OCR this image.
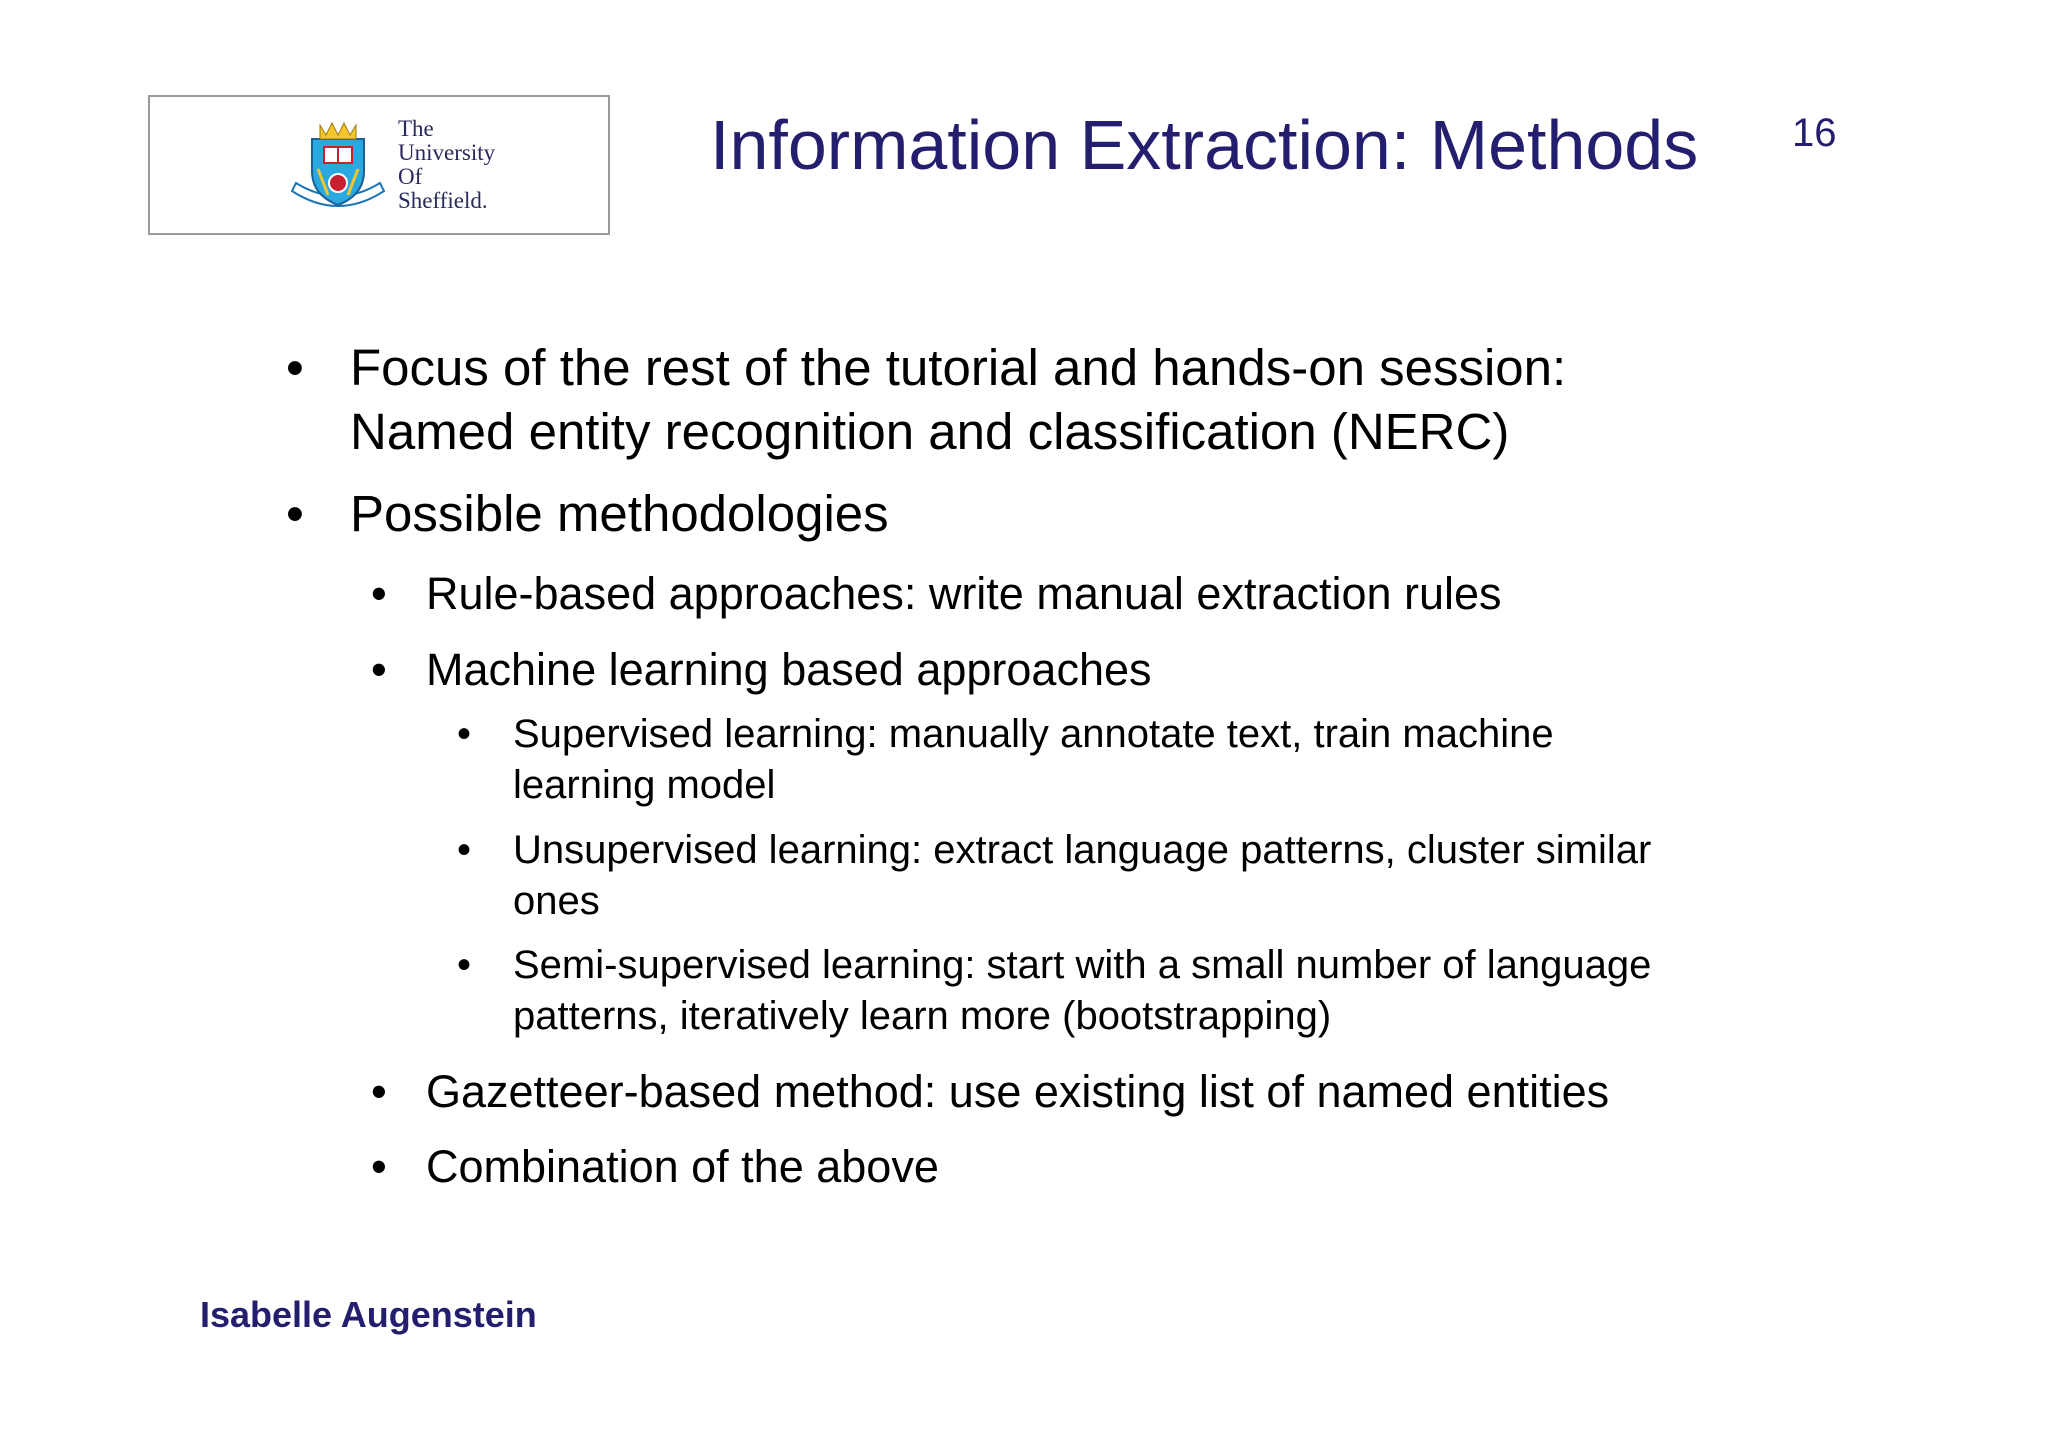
The
University
Of
Sheffield.
Information Extraction: Methods 16
• Focus of the rest of the tutorial and hands-on session:
Named entity recognition and classification (NERC)
• Possible methodologies
• Rule-based approaches: write manual extraction rules
• Machine learning based approaches
• Supervised learning: manually annotate text, train machine
learning model
• Unsupervised learning: extract language patterns, cluster similar
ones
• Semi-supervised learning: start with a small number of language
patterns, iteratively learn more (bootstrapping)
• Gazetteer-based method: use existing list of named entities
• Combination of the above
Isabelle Augenstein
